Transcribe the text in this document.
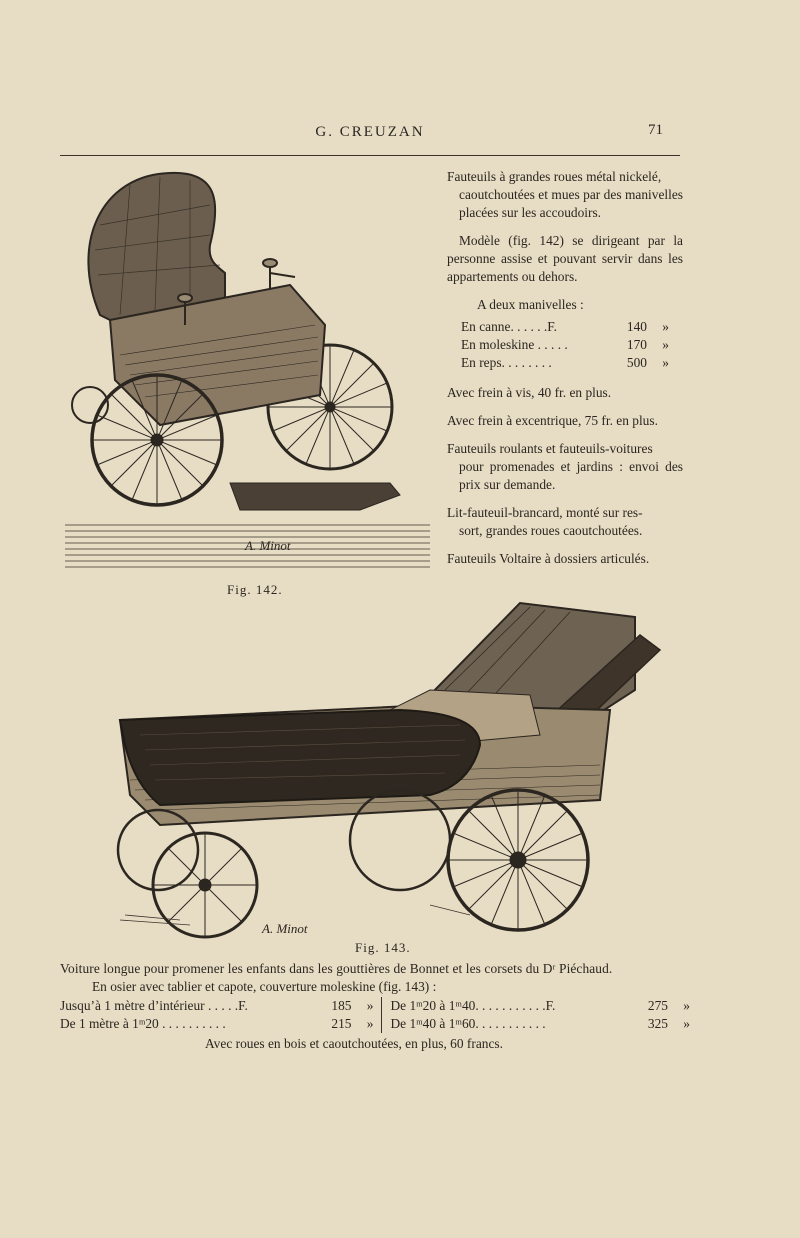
G. CREUZAN	71
A. Minot
Fig. 142.

Fauteuils à grandes roues métal nickelé,
caoutchoutées et mues par des manivelles placées sur les accoudoirs.

Modèle (fig. 142) se dirigeant par la personne assise et pouvant servir dans les appartements ou dehors.

A deux manivelles :
En canne. . . . . .F.	140	»
En moleskine . . . . .	170	»
En reps. . . . . . . .	500	»

Avec frein à vis, 40 fr. en plus.

Avec frein à excentrique, 75 fr. en plus.

Fauteuils roulants et fauteuils-voitures
pour promenades et jardins : envoi des prix sur demande.

Lit-fauteuil-brancard, monté sur res-
sort, grandes roues caoutchoutées.

Fauteuils Voltaire à dossiers articulés.

A. Minot
Fig. 143.
Voiture longue pour promener les enfants dans les gouttières de Bonnet et les corsets du Dʳ Piéchaud.
En osier avec tablier et capote, couverture moleskine (fig. 143) :
Jusqu’à 1 mètre d’intérieur . . . . .F.	185	»
De 1 mètre à 1ᵐ20 . . . . . . . . . .	215	»
De 1ᵐ20 à 1ᵐ40. . . . . . . . . . .F.	275	»
De 1ᵐ40 à 1ᵐ60. . . . . . . . . . .	325	»
Avec roues en bois et caoutchoutées, en plus, 60 francs.
